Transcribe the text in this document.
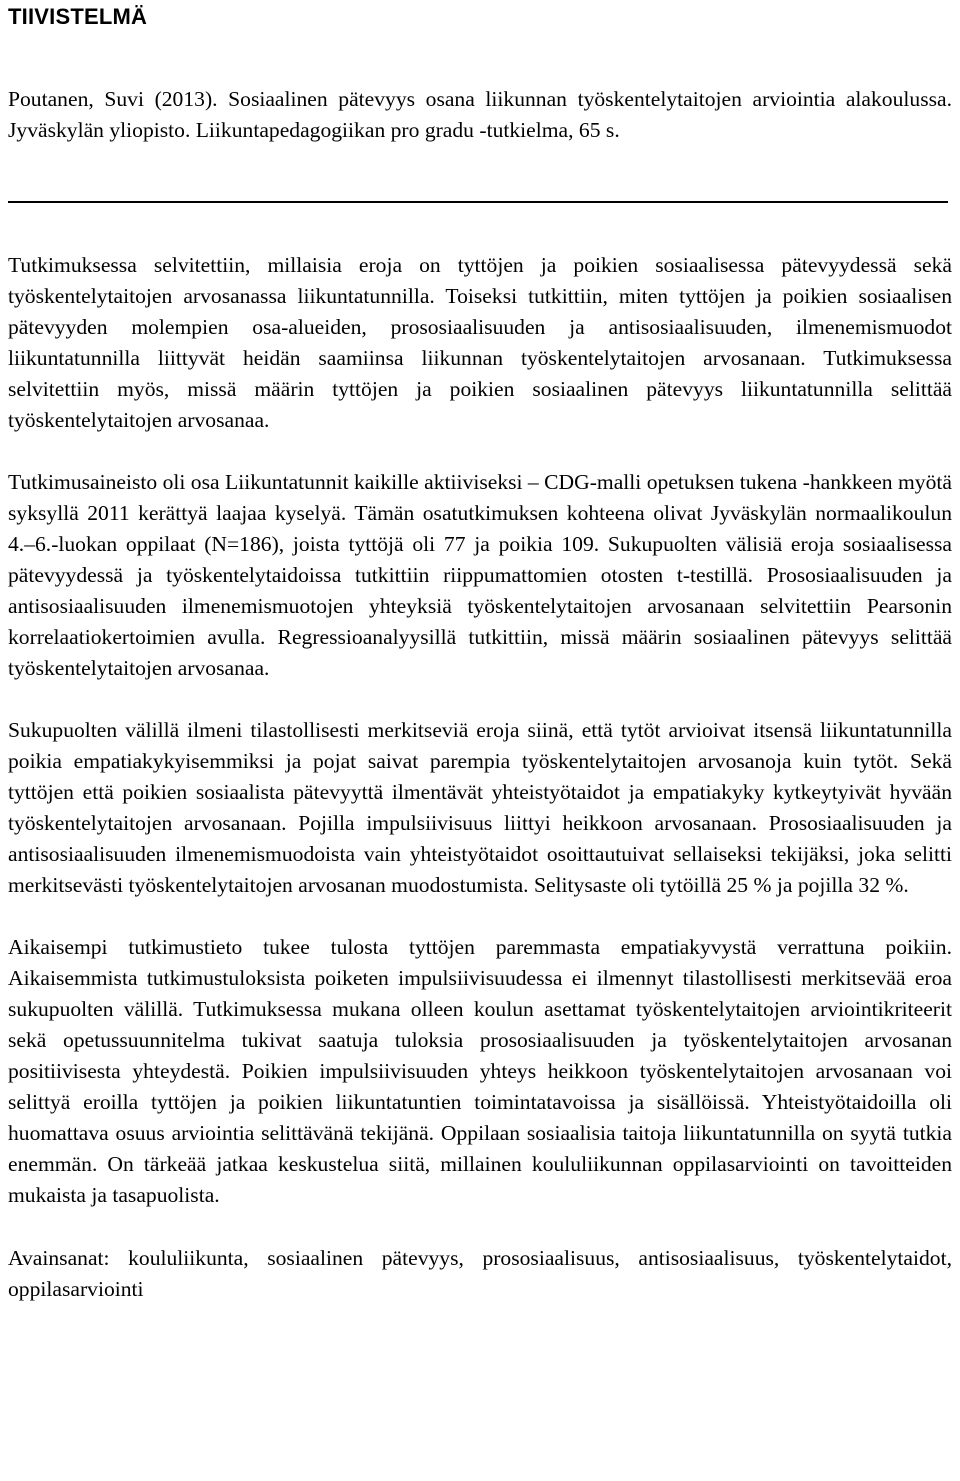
TIIVISTELMÄ

Poutanen, Suvi (2013). Sosiaalinen pätevyys osana liikunnan työskentelytaitojen arviointia alakoulussa. Jyväskylän yliopisto. Liikuntapedagogiikan pro gradu -tutkielma, 65 s.

Tutkimuksessa selvitettiin, millaisia eroja on tyttöjen ja poikien sosiaalisessa pätevyydessä sekä työskentelytaitojen arvosanassa liikuntatunnilla. Toiseksi tutkittiin, miten tyttöjen ja poikien sosiaalisen pätevyyden molempien osa-alueiden, prososiaalisuuden ja antisosiaalisuuden, ilmenemismuodot liikuntatunnilla liittyvät heidän saamiinsa liikunnan työskentelytaitojen arvosanaan. Tutkimuksessa selvitettiin myös, missä määrin tyttöjen ja poikien sosiaalinen pätevyys liikuntatunnilla selittää työskentelytaitojen arvosanaa.

Tutkimusaineisto oli osa Liikuntatunnit kaikille aktiiviseksi – CDG-malli opetuksen tukena -hankkeen myötä syksyllä 2011 kerättyä laajaa kyselyä. Tämän osatutkimuksen kohteena olivat Jyväskylän normaalikoulun 4.–6.-luokan oppilaat (N=186), joista tyttöjä oli 77 ja poikia 109. Sukupuolten välisiä eroja sosiaalisessa pätevyydessä ja työskentelytaidoissa tutkittiin riippumattomien otosten t-testillä. Prososiaalisuuden ja antisosiaalisuuden ilmenemismuotojen yhteyksiä työskentelytaitojen arvosanaan selvitettiin Pearsonin korrelaatiokertoimien avulla. Regressioanalyysillä tutkittiin, missä määrin sosiaalinen pätevyys selittää työskentelytaitojen arvosanaa.

Sukupuolten välillä ilmeni tilastollisesti merkitseviä eroja siinä, että tytöt arvioivat itsensä liikuntatunnilla poikia empatiakykyisemmiksi ja pojat saivat parempia työskentelytaitojen arvosanoja kuin tytöt. Sekä tyttöjen että poikien sosiaalista pätevyyttä ilmentävät yhteistyötaidot ja empatiakyky kytkeytyivät hyvään työskentelytaitojen arvosanaan. Pojilla impulsiivisuus liittyi heikkoon arvosanaan. Prososiaalisuuden ja antisosiaalisuuden ilmenemismuodoista vain yhteistyötaidot osoittautuivat sellaiseksi tekijäksi, joka selitti merkitsevästi työskentelytaitojen arvosanan muodostumista. Selitysaste oli tytöillä 25 % ja pojilla 32 %.

Aikaisempi tutkimustieto tukee tulosta tyttöjen paremmasta empatiakyvystä verrattuna poikiin. Aikaisemmista tutkimustuloksista poiketen impulsiivisuudessa ei ilmennyt tilastollisesti merkitsevää eroa sukupuolten välillä. Tutkimuksessa mukana olleen koulun asettamat työskentelytaitojen arviointikriteerit sekä opetussuunnitelma tukivat saatuja tuloksia prososiaalisuuden ja työskentelytaitojen arvosanan positiivisesta yhteydestä. Poikien impulsiivisuuden yhteys heikkoon työskentelytaitojen arvosanaan voi selittyä eroilla tyttöjen ja poikien liikuntatuntien toimintatavoissa ja sisällöissä. Yhteistyötaidoilla oli huomattava osuus arviointia selittävänä tekijänä. Oppilaan sosiaalisia taitoja liikuntatunnilla on syytä tutkia enemmän. On tärkeää jatkaa keskustelua siitä, millainen koululiikunnan oppilasarviointi on tavoitteiden mukaista ja tasapuolista.

Avainsanat: koululiikunta, sosiaalinen pätevyys, prososiaalisuus, antisosiaalisuus, työskentelytaidot, oppilasarviointi
